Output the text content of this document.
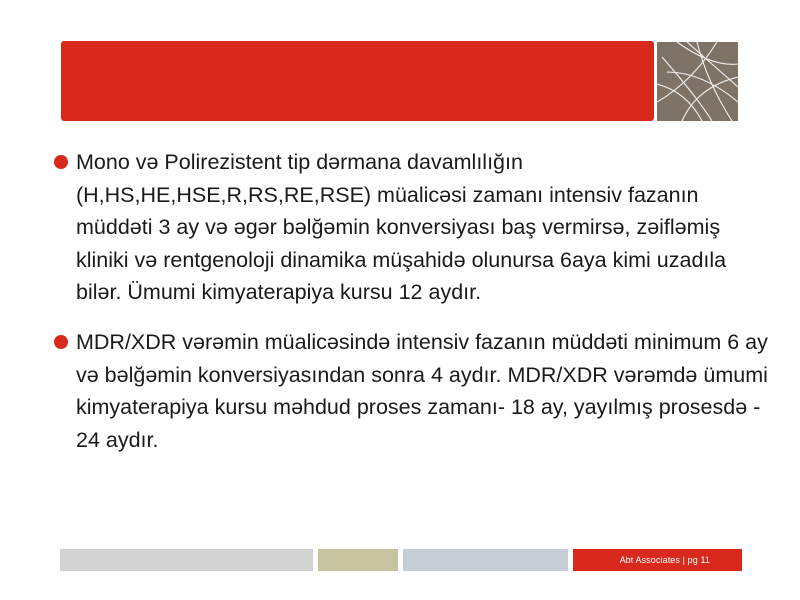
Mono vә Polirezistent tip dәrmana davamlılığın (H,HS,HE,HSE,R,RS,RE,RSE) müalicәsi zamanı intensiv fazanın müddәti 3 ay vә әgәr bәlğәmin konversiyası baş vermirsә, zәiflәmiş kliniki vә rentgenoloji dinamika müşahidә olunursa 6aya kimi uzadıla bilәr. Ümumi kimyaterapiya kursu 12 aydır.
MDR/XDR vәrәmin müalicәsindә intensiv fazanın müddәti minimum 6 ay vә bәlğәmin konversiyasından sonra 4 aydır. MDR/XDR vәrәmdә ümumi kimyaterapiya kursu mәhdud proses zamanı- 18 ay, yayılmış prosesdә - 24 aydır.
Abt Associates | pg 11
